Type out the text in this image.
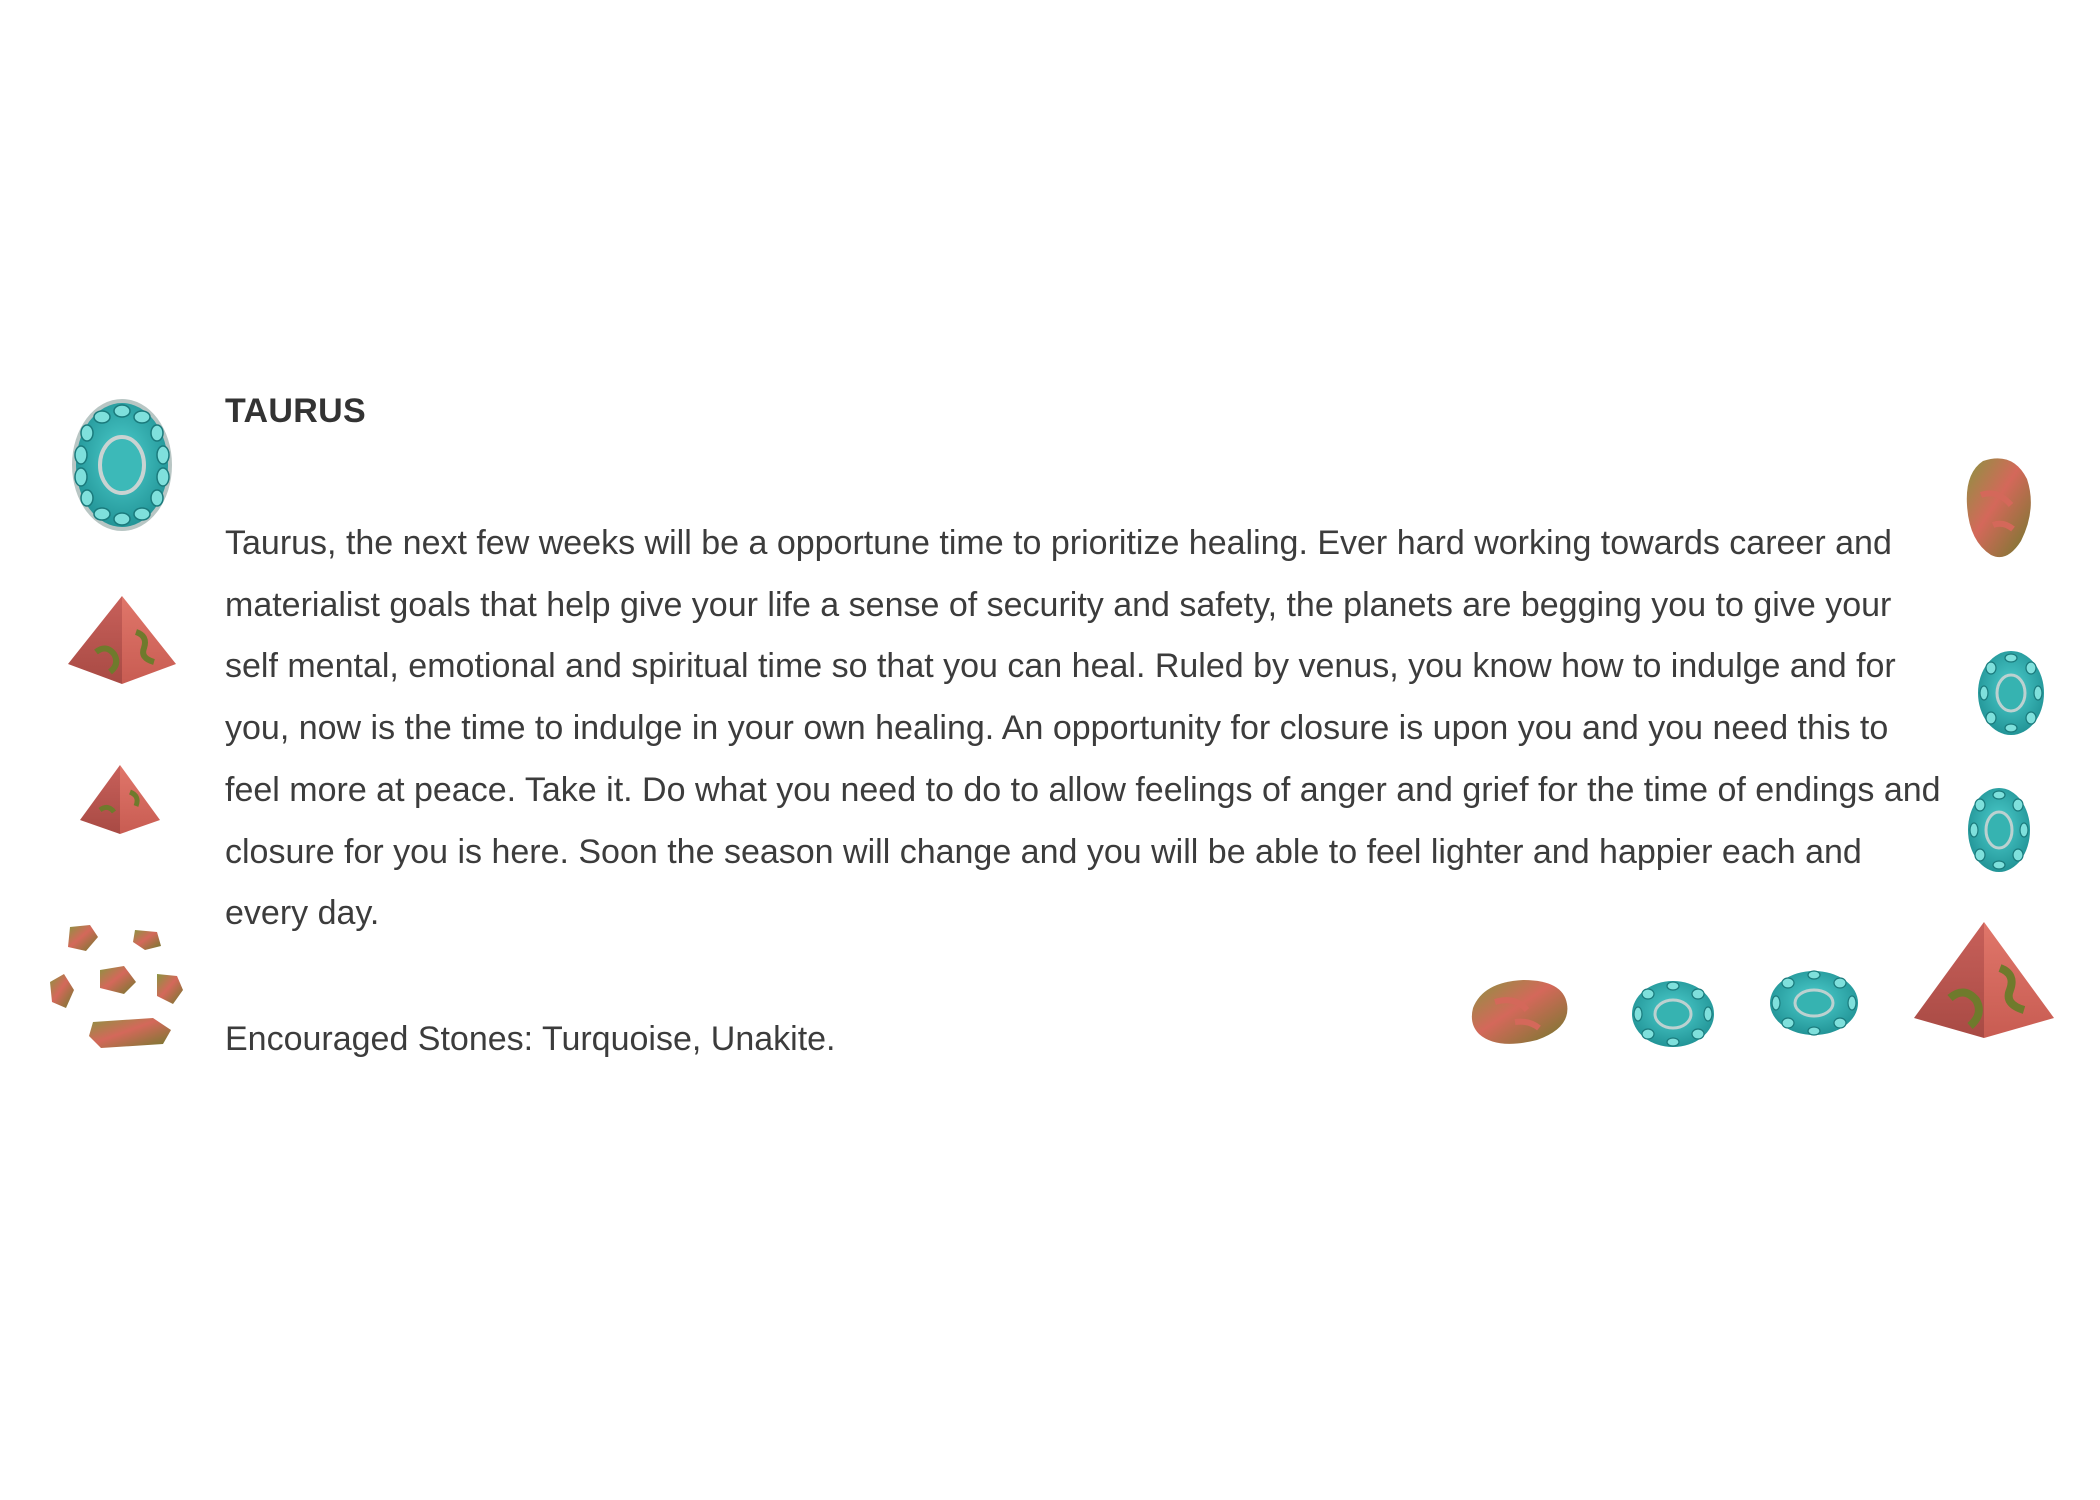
TAURUS

Taurus, the next few weeks will be a opportune time to prioritize healing. Ever hard working towards career and materialist goals that help give your life a sense of security and safety, the planets are begging you to give your self mental, emotional and spiritual time so that you can heal. Ruled by venus, you know how to indulge and for you, now is the time to indulge in your own healing. An opportunity for closure is upon you and you need this to feel more at peace. Take it. Do what you need to do to allow feelings of anger and grief for the time of endings and closure for you is here. Soon the season will change and you will be able to feel lighter and happier each and every day.

Encouraged Stones: Turquoise, Unakite.
